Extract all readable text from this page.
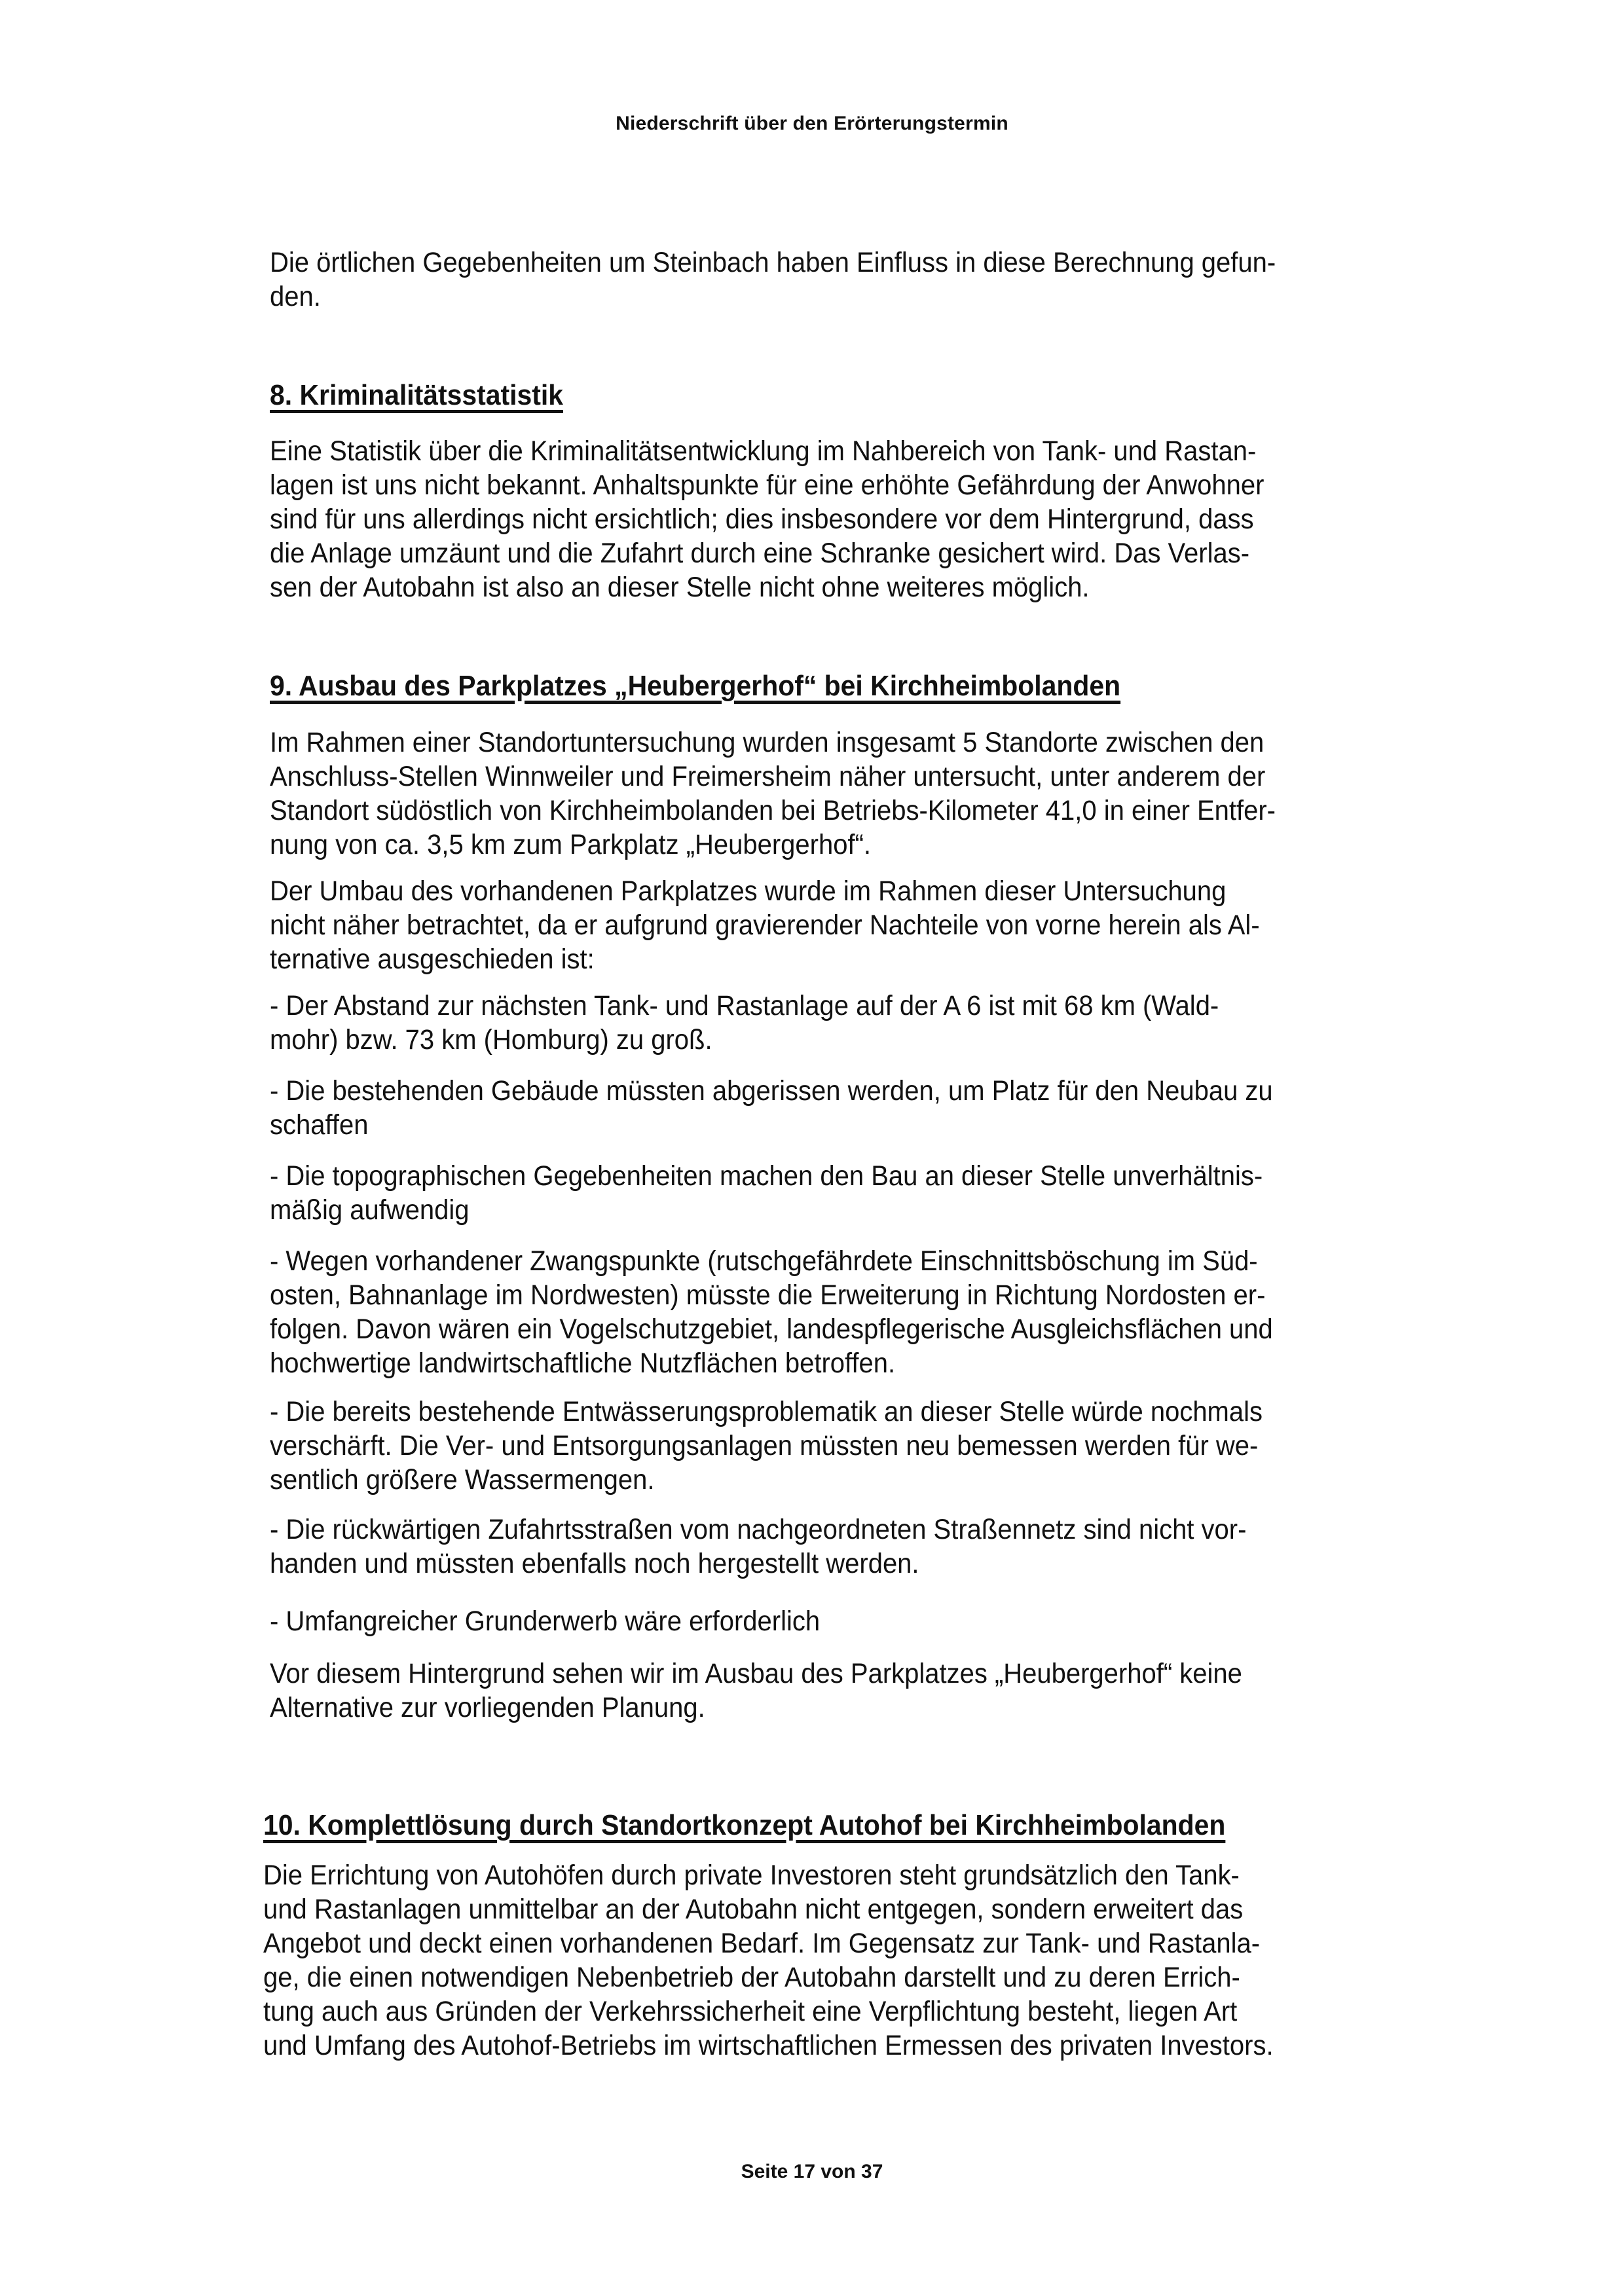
Niederschrift über den Erörterungstermin
Die örtlichen Gegebenheiten um Steinbach haben Einfluss in diese Berechnung gefun-
den.
8. Kriminalitätsstatistik
Eine Statistik über die Kriminalitätsentwicklung im Nahbereich von Tank- und Rastan-
lagen ist uns nicht bekannt. Anhaltspunkte für eine erhöhte Gefährdung der Anwohner
sind für uns allerdings nicht ersichtlich; dies insbesondere vor dem Hintergrund, dass
die Anlage umzäunt und die Zufahrt durch eine Schranke gesichert wird. Das Verlas-
sen der Autobahn ist also an dieser Stelle nicht ohne weiteres möglich.
9. Ausbau des Parkplatzes „Heubergerhof“ bei Kirchheimbolanden
Im Rahmen einer Standortuntersuchung wurden insgesamt 5 Standorte zwischen den
Anschluss-Stellen Winnweiler und Freimersheim näher untersucht, unter anderem der
Standort südöstlich von Kirchheimbolanden bei Betriebs-Kilometer 41,0 in einer Entfer-
nung von ca. 3,5 km zum Parkplatz „Heubergerhof“.
Der Umbau des vorhandenen Parkplatzes wurde im Rahmen dieser Untersuchung
nicht näher betrachtet, da er aufgrund gravierender Nachteile von vorne herein als Al-
ternative ausgeschieden ist:
- Der Abstand zur nächsten Tank- und Rastanlage auf der A 6 ist mit 68 km (Wald-
mohr) bzw. 73 km (Homburg) zu groß.
- Die bestehenden Gebäude müssten abgerissen werden, um Platz für den Neubau zu
schaffen
- Die topographischen Gegebenheiten machen den Bau an dieser Stelle unverhältnis-
mäßig aufwendig
- Wegen vorhandener Zwangspunkte (rutschgefährdete Einschnittsböschung im Süd-
osten, Bahnanlage im Nordwesten) müsste die Erweiterung in Richtung Nordosten er-
folgen. Davon wären ein Vogelschutzgebiet, landespflegerische Ausgleichsflächen und
hochwertige landwirtschaftliche Nutzflächen betroffen.
- Die bereits bestehende Entwässerungsproblematik an dieser Stelle würde nochmals
verschärft. Die Ver- und Entsorgungsanlagen müssten neu bemessen werden für we-
sentlich größere Wassermengen.
- Die rückwärtigen Zufahrtsstraßen vom nachgeordneten Straßennetz sind nicht vor-
handen und müssten ebenfalls noch hergestellt werden.
- Umfangreicher Grunderwerb wäre erforderlich
Vor diesem Hintergrund sehen wir im Ausbau des Parkplatzes „Heubergerhof“ keine
Alternative zur vorliegenden Planung.
10. Komplettlösung durch Standortkonzept Autohof bei Kirchheimbolanden
Die Errichtung von Autohöfen durch private Investoren steht grundsätzlich den Tank-
und Rastanlagen unmittelbar an der Autobahn nicht entgegen, sondern erweitert das
Angebot und deckt einen vorhandenen Bedarf. Im Gegensatz zur Tank- und Rastanla-
ge, die einen notwendigen Nebenbetrieb der Autobahn darstellt und zu deren Errich-
tung auch aus Gründen der Verkehrssicherheit eine Verpflichtung besteht, liegen Art
und Umfang des Autohof-Betriebs im wirtschaftlichen Ermessen des privaten Investors.
Seite 17 von 37
